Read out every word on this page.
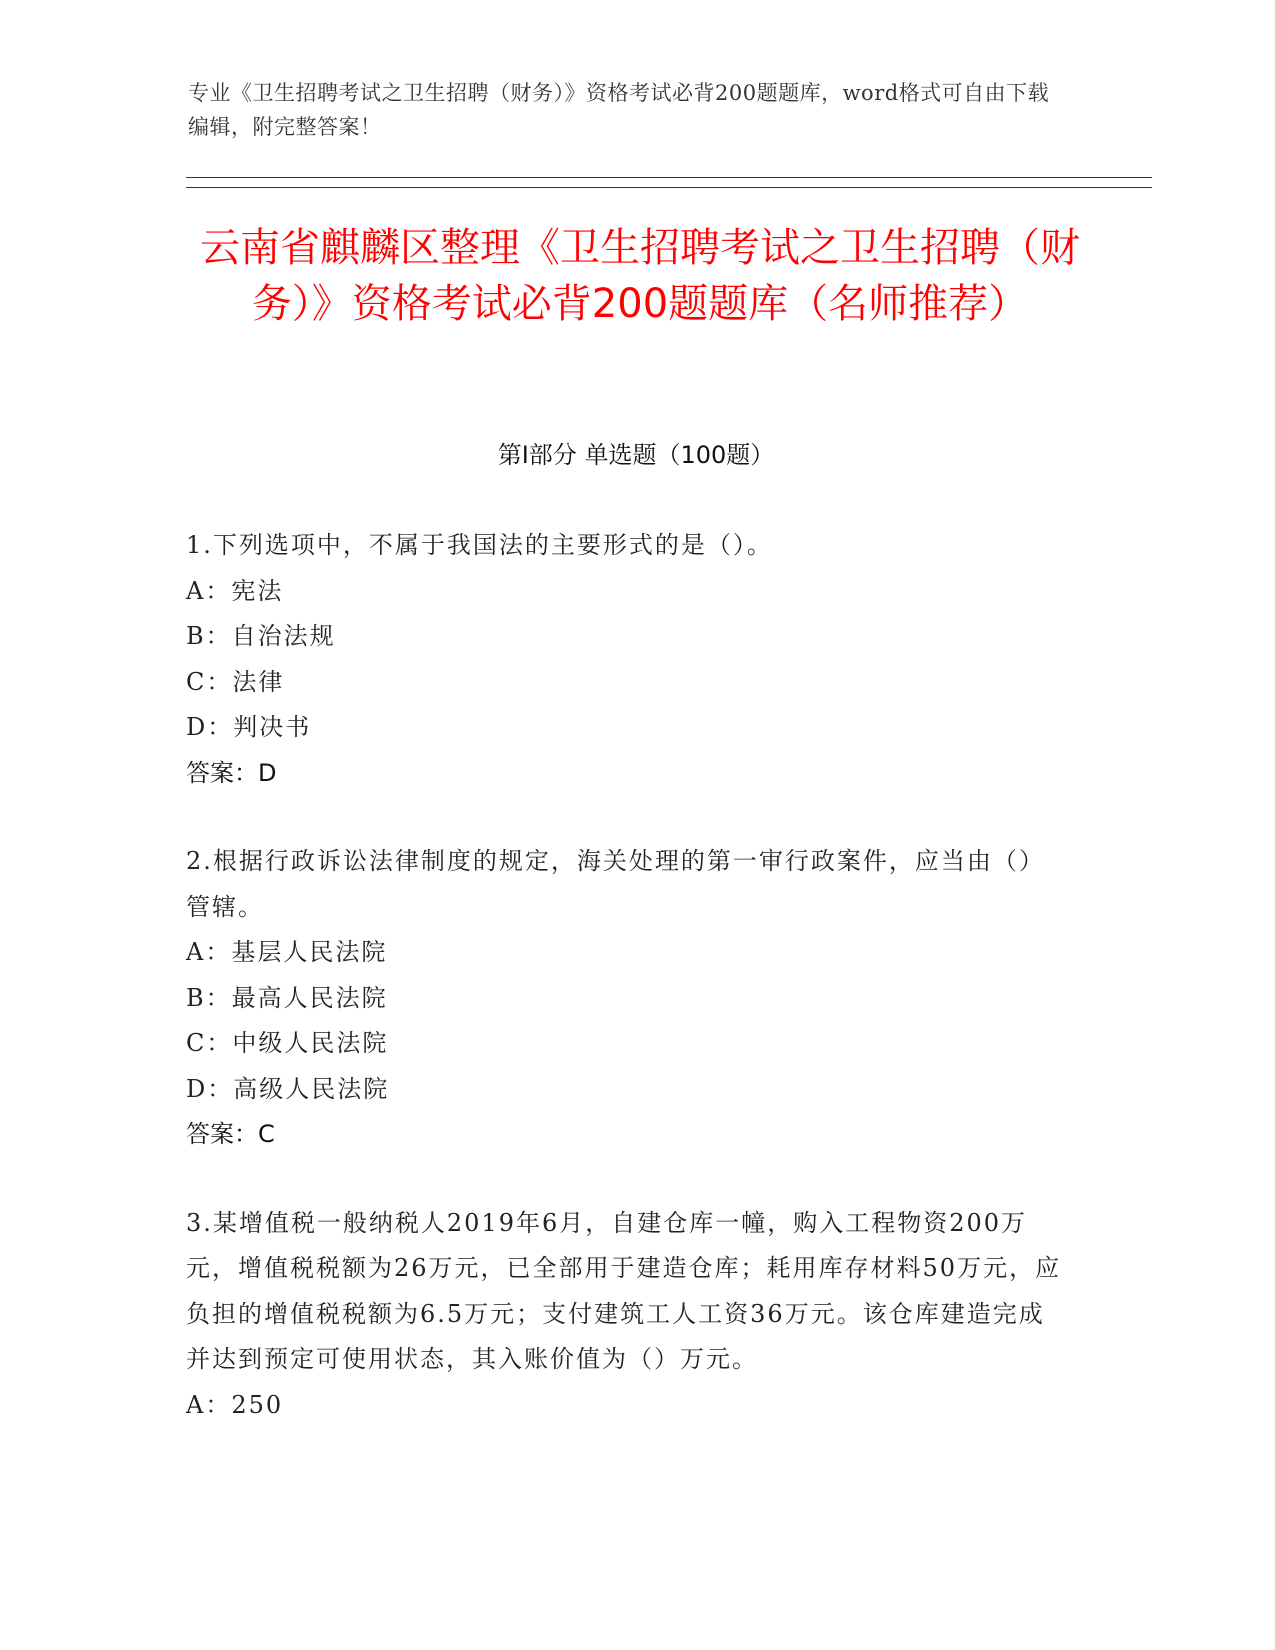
专业《卫生招聘考试之卫生招聘（财务）》资格考试必背200题题库，word格式可自由下载编辑，附完整答案！
云南省麒麟区整理《卫生招聘考试之卫生招聘（财务）》资格考试必背200题题库（名师推荐）
第I部分 单选题（100题）
1.下列选项中，不属于我国法的主要形式的是（）。
A：宪法
B：自治法规
C：法律
D：判决书
答案：D
2.根据行政诉讼法律制度的规定，海关处理的第一审行政案件，应当由（）管辖。
A：基层人民法院
B：最高人民法院
C：中级人民法院
D：高级人民法院
答案：C
3.某增值税一般纳税人2019年6月，自建仓库一幢，购入工程物资200万元，增值税税额为26万元，已全部用于建造仓库；耗用库存材料50万元，应负担的增值税税额为6.5万元；支付建筑工人工资36万元。该仓库建造完成并达到预定可使用状态，其入账价值为（）万元。
A：250
